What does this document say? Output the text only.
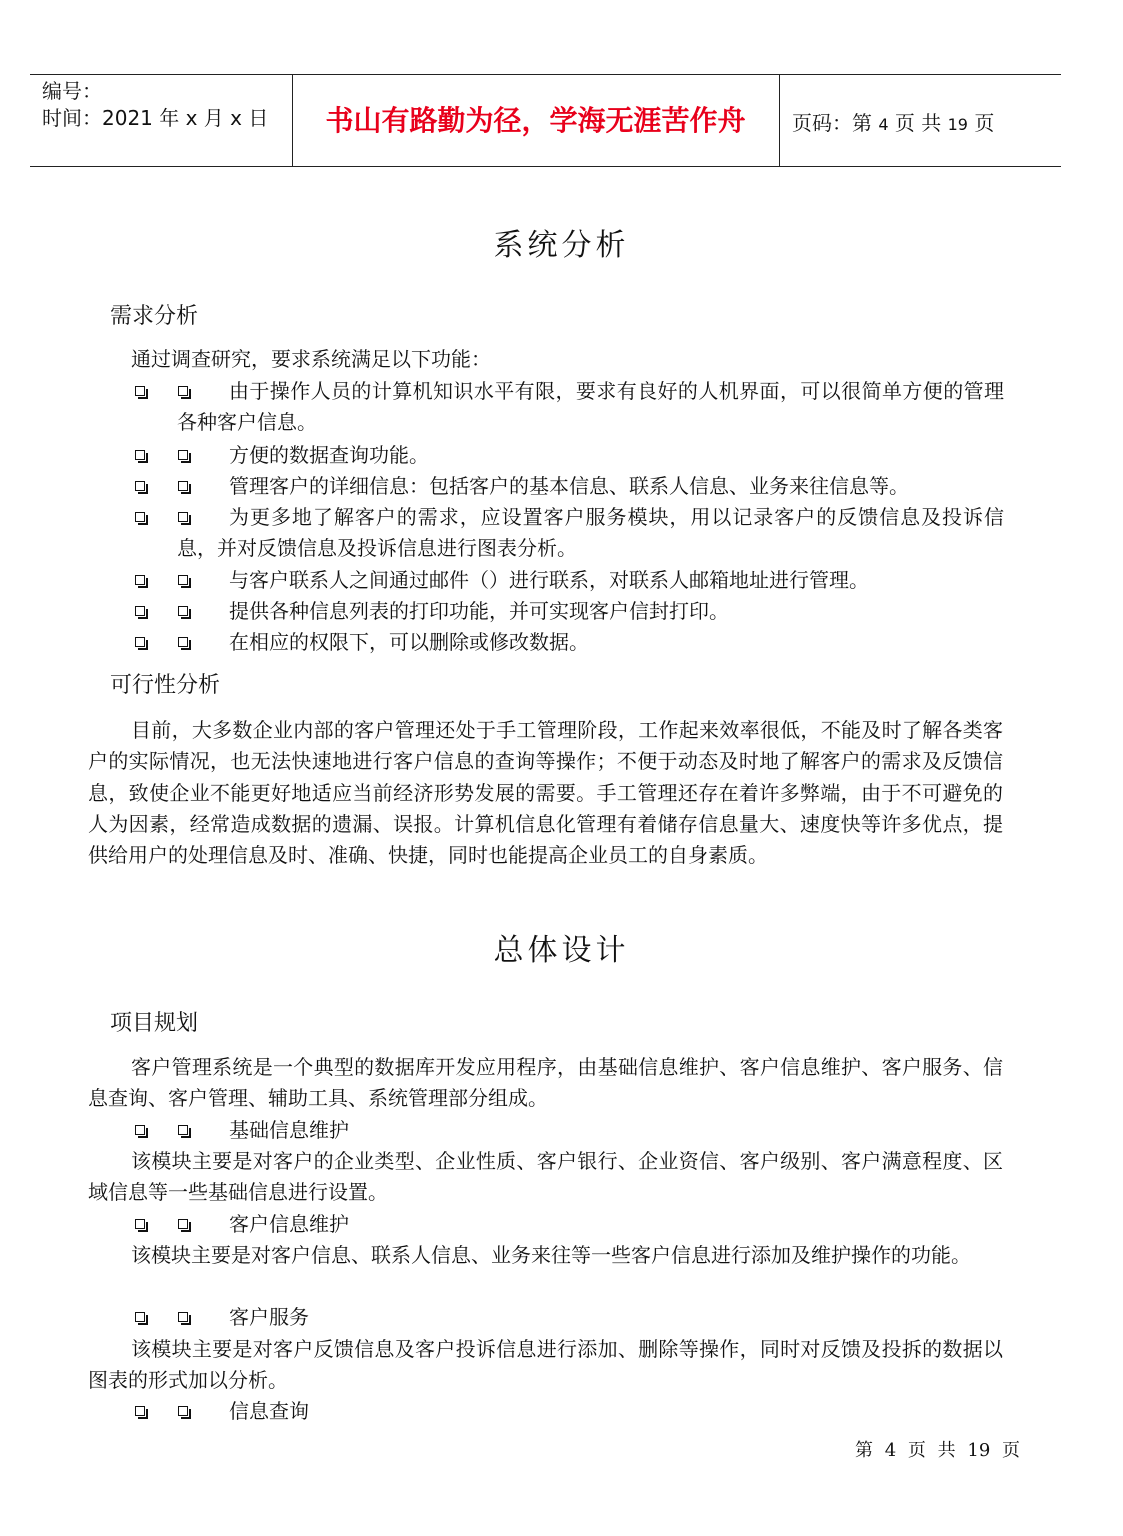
编号：
时间：2021 年 x 月 x 日	书山有路勤为径，学海无涯苦作舟	页码：第 4 页 共 19 页
系统分析
需求分析
通过调查研究，要求系统满足以下功能：
由于操作人员的计算机知识水平有限，要求有良好的人机界面，可以很简单方便的管理各种客户信息。
方便的数据查询功能。
管理客户的详细信息：包括客户的基本信息、联系人信息、业务来往信息等。
为更多地了解客户的需求，应设置客户服务模块，用以记录客户的反馈信息及投诉信息，并对反馈信息及投诉信息进行图表分析。
与客户联系人之间通过邮件（）进行联系，对联系人邮箱地址进行管理。
提供各种信息列表的打印功能，并可实现客户信封打印。
在相应的权限下，可以删除或修改数据。
可行性分析
目前，大多数企业内部的客户管理还处于手工管理阶段，工作起来效率很低，不能及时了解各类客户的实际情况，也无法快速地进行客户信息的查询等操作；不便于动态及时地了解客户的需求及反馈信息，致使企业不能更好地适应当前经济形势发展的需要。手工管理还存在着许多弊端，由于不可避免的人为因素，经常造成数据的遗漏、误报。计算机信息化管理有着储存信息量大、速度快等许多优点，提供给用户的处理信息及时、准确、快捷，同时也能提高企业员工的自身素质。
总体设计
项目规划
客户管理系统是一个典型的数据库开发应用程序，由基础信息维护、客户信息维护、客户服务、信息查询、客户管理、辅助工具、系统管理部分组成。
基础信息维护
该模块主要是对客户的企业类型、企业性质、客户银行、企业资信、客户级别、客户满意程度、区域信息等一些基础信息进行设置。
客户信息维护
该模块主要是对客户信息、联系人信息、业务来往等一些客户信息进行添加及维护操作的功能。
客户服务
该模块主要是对客户反馈信息及客户投诉信息进行添加、删除等操作，同时对反馈及投拆的数据以图表的形式加以分析。
信息查询
第 4 页 共 19 页
